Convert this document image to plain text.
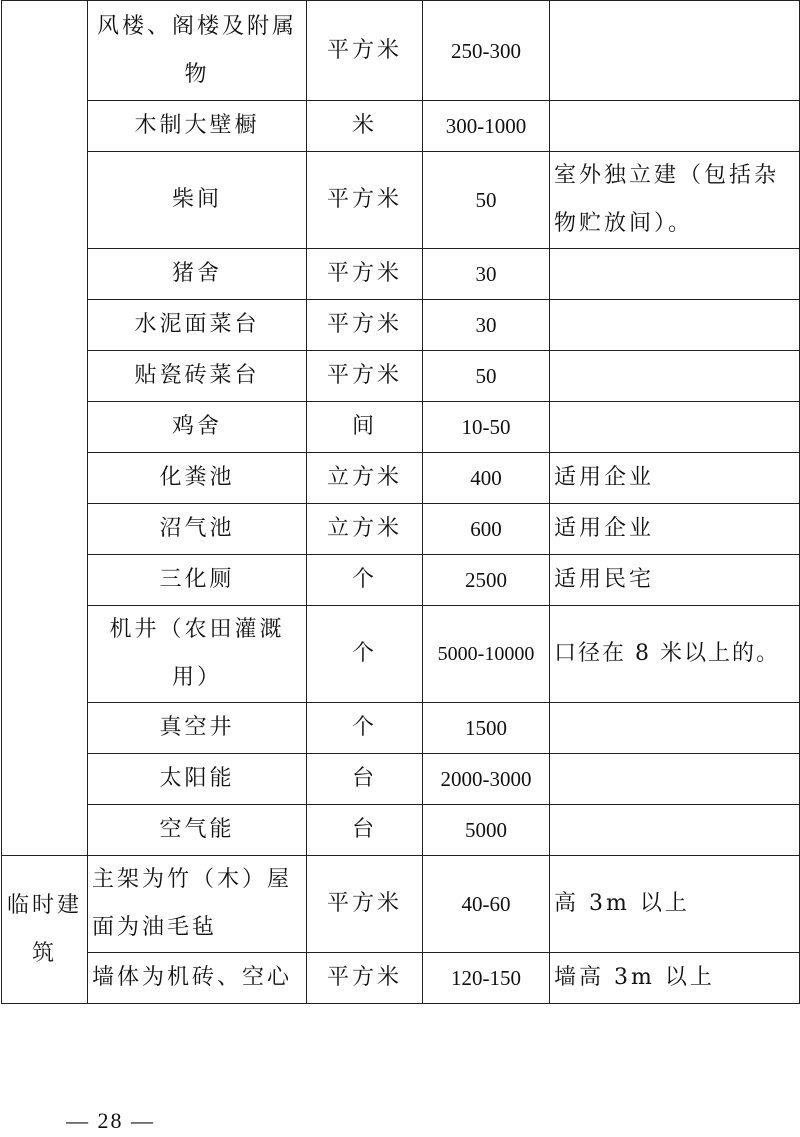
	风楼、阁楼及附属物	平方米	250-300	
	木制大壁橱	米	300-1000	
	柴间	平方米	50	室外独立建（包括杂物贮放间）。
	猪舍	平方米	30	
	水泥面菜台	平方米	30	
	贴瓷砖菜台	平方米	50	
	鸡舍	间	10-50	
	化粪池	立方米	400	适用企业
	沼气池	立方米	600	适用企业
	三化厕	个	2500	适用民宅
	机井（农田灌溉用）	个	5000-10000	口径在 8 米以上的。
	真空井	个	1500	
	太阳能	台	2000-3000	
	空气能	台	5000	
临时建筑	主架为竹（木）屋面为油毛毡	平方米	40-60	高 3m 以上
	墙体为机砖、空心	平方米	120-150	墙高 3m 以上
— 28 —
